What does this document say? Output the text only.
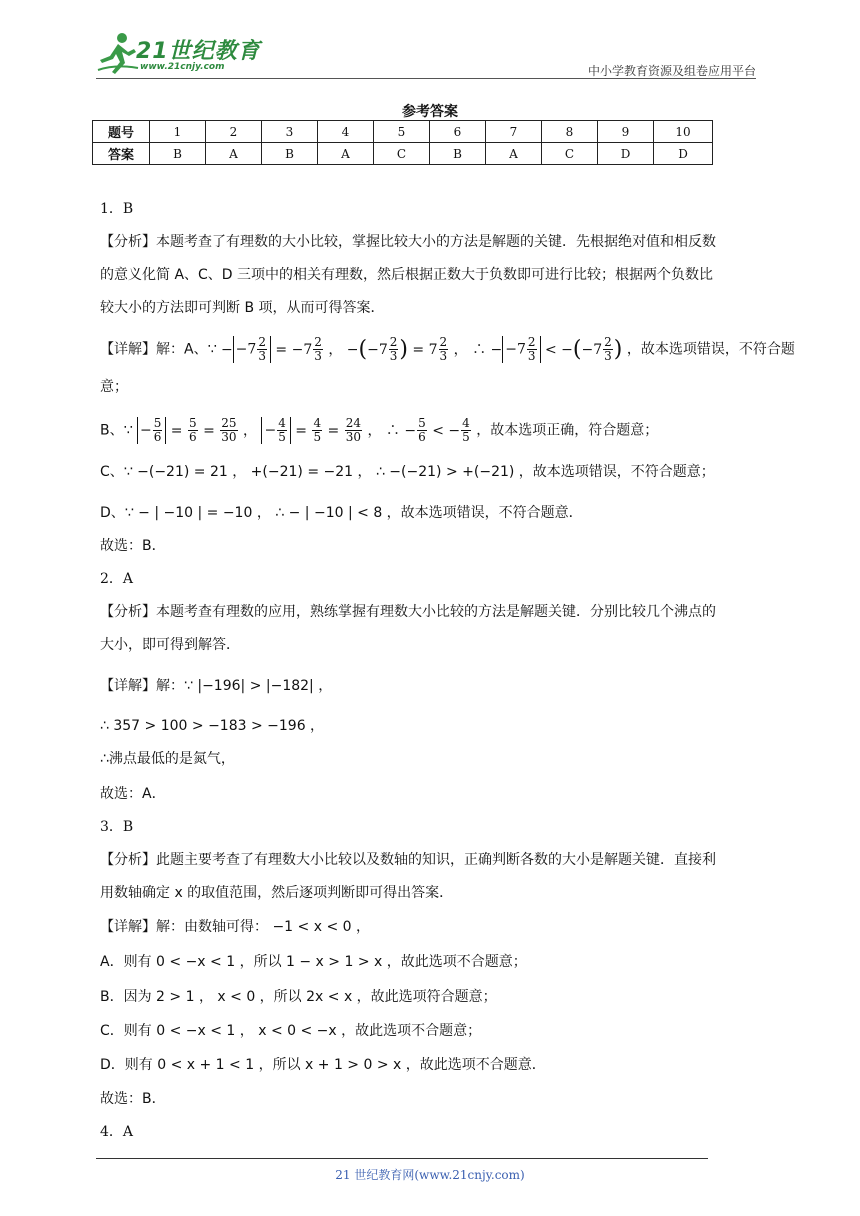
21世纪教育
www.21cnjy.com	中小学教育资源及组卷应用平台
参考答案
题号	1	2	3	4	5	6	7	8	9	10
答案	B	A	B	A	C	B	A	C	D	D
1．B
【分析】本题考查了有理数的大小比较，掌握比较大小的方法是解题的关键．先根据绝对值和相反数
的意义化简 A、C、D 三项中的相关有理数，然后根据正数大于负数即可进行比较；根据两个负数比
较大小的方法即可判断 B 项，从而可得答案．
【详解】解：A、∵ − $-7 \frac{2}{3} = -7 \frac{2}{3}$ ， $-(-7 \frac{2}{3}$ ) = $7 \frac{2}{3}$ ， ∴ − $-7 \frac{2}{3} < -(-7 \frac{2}{3}$ ) ，故本选项错误，不符合题
意；
B、∵ − $\frac{5}{6} = \frac{5}{6} = \frac{25}{30}$ ， − $\frac{4}{5} = \frac{4}{5} = \frac{24}{30}$ ， ∴ − $\frac{5}{6}$ < − $\frac{4}{5}$ ，故本选项正确，符合题意；
C、∵ −(−21) = 21 ， +(−21) = −21 ， ∴ −(−21) > +(−21) ，故本选项错误，不符合题意；
D、∵ − | −10 | = −10 ， ∴ − | −10 | < 8 ，故本选项错误，不符合题意．
故选：B．
2．A
【分析】本题考查有理数的应用，熟练掌握有理数大小比较的方法是解题关键．分别比较几个沸点的
大小，即可得到解答．
【详解】解：∵ |−196| > |−182| ，
∴ 357 > 100 > −183 > −196 ，
∴沸点最低的是氮气，
故选：A．
3．B
【分析】此题主要考查了有理数大小比较以及数轴的知识，正确判断各数的大小是解题关键．直接利
用数轴确定 x 的取值范围，然后逐项判断即可得出答案．
【详解】解：由数轴可得： −1 < x < 0 ，
A．则有 0 < −x < 1 ，所以 1 − x > 1 > x ，故此选项不合题意；
B．因为 2 > 1 ， x < 0 ，所以 2x < x ，故此选项符合题意；
C．则有 0 < −x < 1 ， x < 0 < −x ，故此选项不合题意；
D．则有 0 < x + 1 < 1 ，所以 x + 1 > 0 > x ，故此选项不合题意．
故选：B．
4．A
21 世纪教育网(www.21cnjy.com)
